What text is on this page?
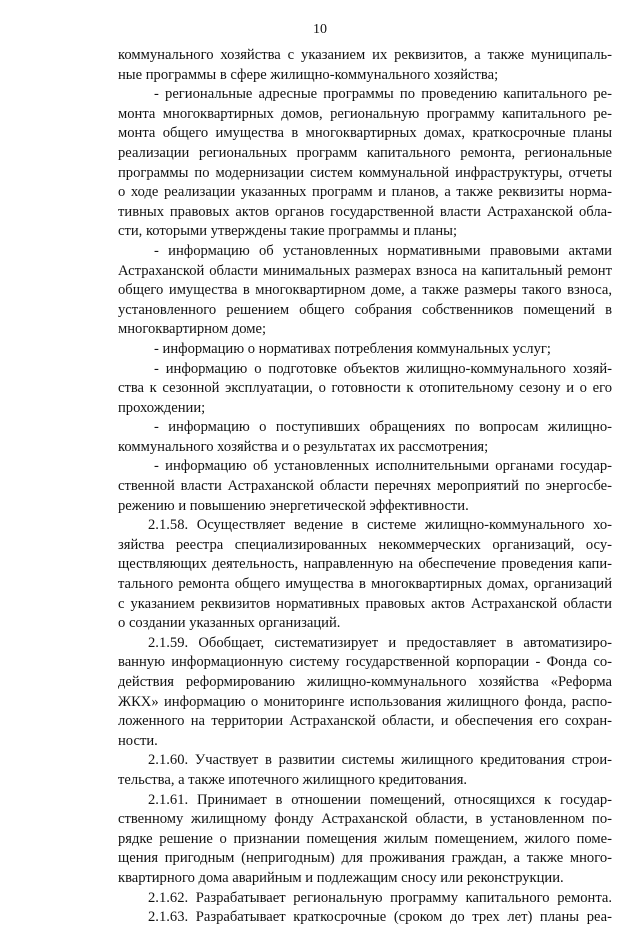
10
коммунального хозяйства с указанием их реквизитов, а также муниципаль-
ные программы в сфере жилищно-коммунального хозяйства;
- региональные адресные программы по проведению капитального ре-
монта многоквартирных домов, региональную программу капитального ре-
монта общего имущества в многоквартирных домах, краткосрочные планы
реализации региональных программ капитального ремонта, региональные
программы по модернизации систем коммунальной инфраструктуры, отчеты
о ходе реализации указанных программ и планов, а также реквизиты норма-
тивных правовых актов органов государственной власти Астраханской обла-
сти, которыми утверждены такие программы и планы;
- информацию об установленных нормативными правовыми актами
Астраханской области минимальных размерах взноса на капитальный ремонт
общего имущества в многоквартирном доме, а также размеры такого взноса,
установленного решением общего собрания собственников помещений в
многоквартирном доме;
- информацию о нормативах потребления коммунальных услуг;
- информацию о подготовке объектов жилищно-коммунального хозяй-
ства к сезонной эксплуатации, о готовности к отопительному сезону и о его
прохождении;
- информацию о поступивших обращениях по вопросам жилищно-
коммунального хозяйства и о результатах их рассмотрения;
- информацию об установленных исполнительными органами государ-
ственной власти Астраханской области перечнях мероприятий по энергосбе-
режению и повышению энергетической эффективности.
2.1.58. Осуществляет ведение в системе жилищно-коммунального хо-
зяйства реестра специализированных некоммерческих организаций, осу-
ществляющих деятельность, направленную на обеспечение проведения капи-
тального ремонта общего имущества в многоквартирных домах, организаций
с указанием реквизитов нормативных правовых актов Астраханской области
о создании указанных организаций.
2.1.59. Обобщает, систематизирует и предоставляет в автоматизиро-
ванную информационную систему государственной корпорации - Фонда со-
действия реформированию жилищно-коммунального хозяйства «Реформа
ЖКХ» информацию о мониторинге использования жилищного фонда, распо-
ложенного на территории Астраханской области, и обеспечения его сохран-
ности.
2.1.60. Участвует в развитии системы жилищного кредитования строи-
тельства, а также ипотечного жилищного кредитования.
2.1.61. Принимает в отношении помещений, относящихся к государ-
ственному жилищному фонду Астраханской области, в установленном по-
рядке решение о признании помещения жилым помещением, жилого поме-
щения пригодным (непригодным) для проживания граждан, а также много-
квартирного дома аварийным и подлежащим сносу или реконструкции.
2.1.62. Разрабатывает региональную программу капитального ремонта.
2.1.63. Разрабатывает краткосрочные (сроком до трех лет) планы реа-
